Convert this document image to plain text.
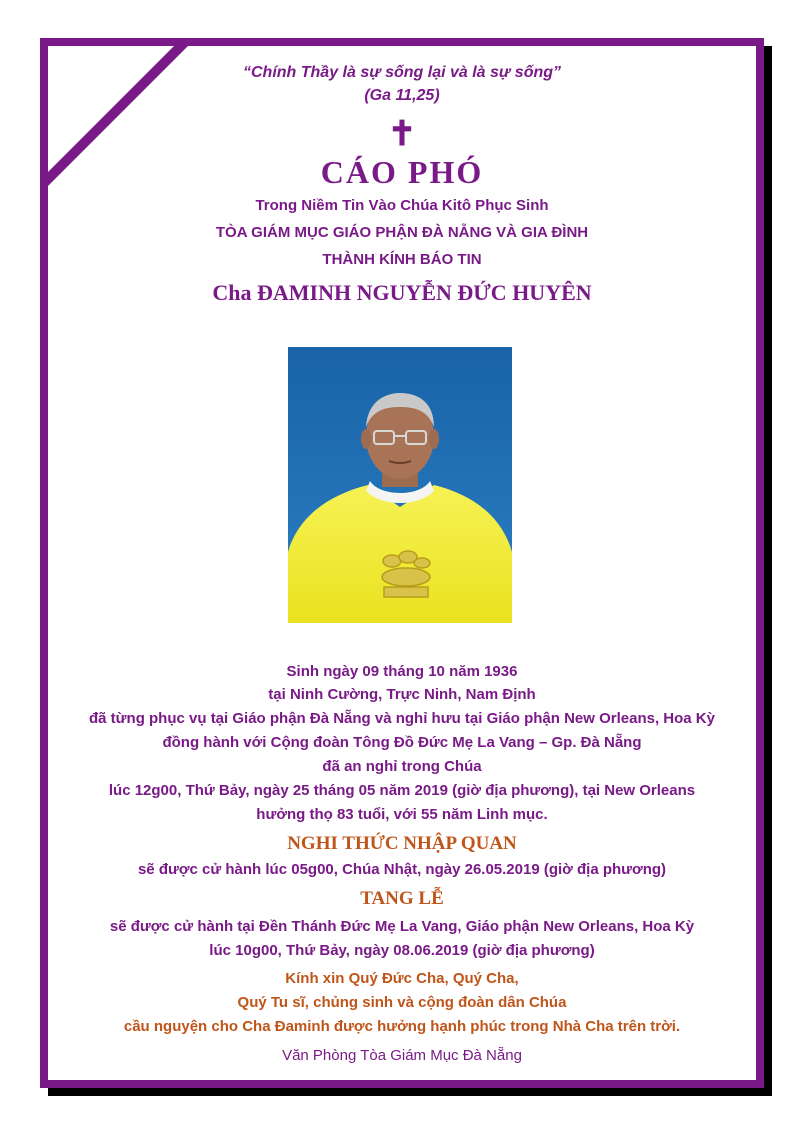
“Chính Thầy là sự sống lại và là sự sống”
(Ga 11,25)
✝
CÁO PHÓ
Trong Niềm Tin Vào Chúa Kitô Phục Sinh
TÒA GIÁM MỤC GIÁO PHẬN ĐÀ NẴNG VÀ GIA ĐÌNH
THÀNH KÍNH BÁO TIN
Cha ĐAMINH NGUYỄN ĐỨC HUYÊN
Sinh ngày 09 tháng 10 năm 1936
tại Ninh Cường, Trực Ninh, Nam Định
đã từng phục vụ tại Giáo phận Đà Nẵng và nghỉ hưu tại Giáo phận New Orleans, Hoa Kỳ
đồng hành với Cộng đoàn Tông Đồ Đức Mẹ La Vang – Gp. Đà Nẵng
đã an nghỉ trong Chúa
lúc 12g00, Thứ Bảy, ngày 25 tháng 05 năm 2019 (giờ địa phương), tại New Orleans
hưởng thọ 83 tuổi, với 55 năm Linh mục.
NGHI THỨC NHẬP QUAN
sẽ được cử hành lúc 05g00, Chúa Nhật, ngày 26.05.2019 (giờ địa phương)
TANG LỄ
sẽ được cử hành tại Đền Thánh Đức Mẹ La Vang, Giáo phận New Orleans, Hoa Kỳ
lúc 10g00, Thứ Bảy, ngày 08.06.2019 (giờ địa phương)
Kính xin Quý Đức Cha, Quý Cha,
Quý Tu sĩ, chủng sinh và cộng đoàn dân Chúa
cầu nguyện cho Cha Đaminh được hưởng hạnh phúc trong Nhà Cha trên trời.
Văn Phòng Tòa Giám Mục Đà Nẵng
